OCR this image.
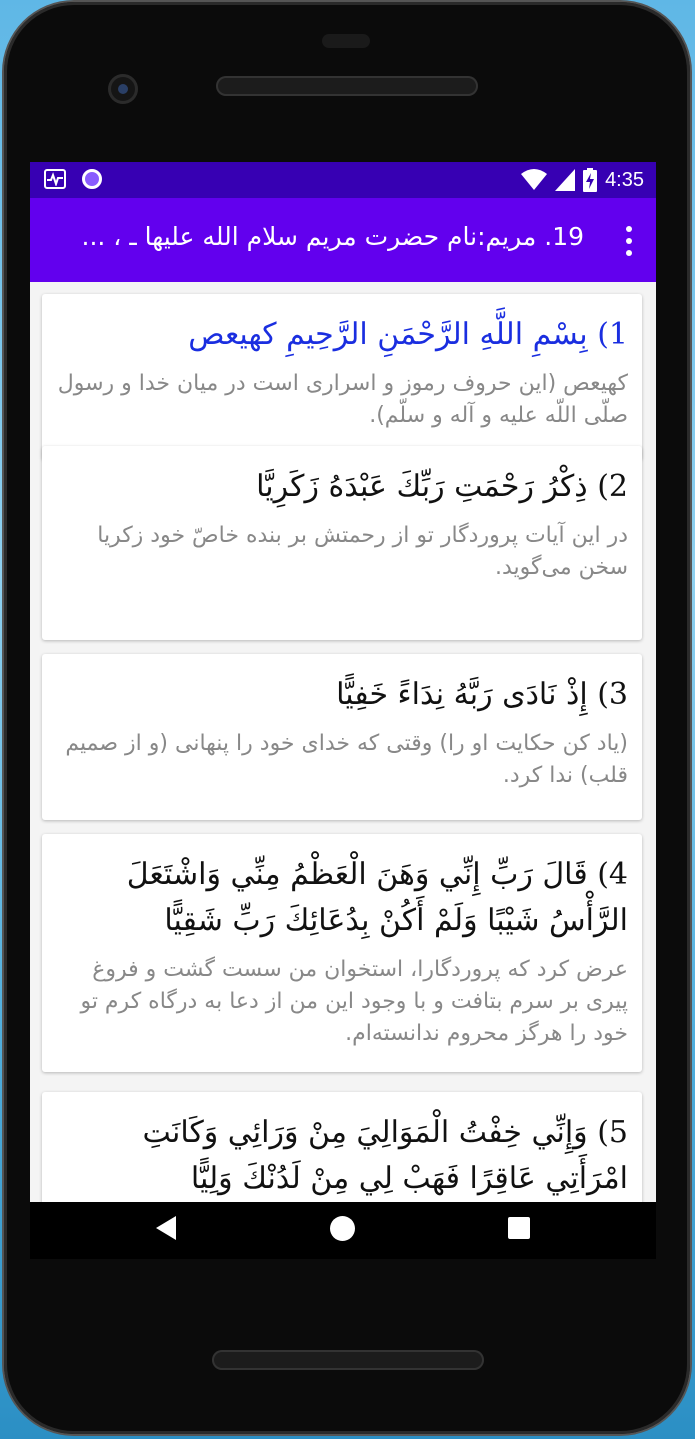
4:35
19. مریم:نام حضرت مریم سلام الله علیها ـ ، ...
1) بِسْمِ اللَّهِ الرَّحْمَنِ الرَّحِيمِ كهيعص
كهيعص (اين حروف رموز و اسراری است در ميان خدا و رسول صلّی اللّه عليه و آله و سلّم).
2) ذِكْرُ رَحْمَتِ رَبِّكَ عَبْدَهُ زَكَرِيَّا
در اين آيات پروردگار تو از رحمتش بر بنده خاصّ خود زكريا سخن می‌گويد.
3) إِذْ نَادَى رَبَّهُ نِدَاءً خَفِيًّا
(ياد كن حكايت او را) وقتی كه خدای خود را پنهانی (و از صميم قلب) ندا كرد.
4) قَالَ رَبِّ إِنِّي وَهَنَ الْعَظْمُ مِنِّي وَاشْتَعَلَ الرَّأْسُ شَيْبًا وَلَمْ أَكُنْ بِدُعَائِكَ رَبِّ شَقِيًّا
عرض كرد كه پروردگارا، استخوان من سست گشت و فروغ پيری بر سرم بتافت و با وجود اين من از دعا به درگاه كرم تو خود را هرگز محروم ندانسته‌ام.
5) وَإِنِّي خِفْتُ الْمَوَالِيَ مِنْ وَرَائِي وَكَانَتِ امْرَأَتِي عَاقِرًا فَهَبْ لِي مِنْ لَدُنْكَ وَلِيًّا
